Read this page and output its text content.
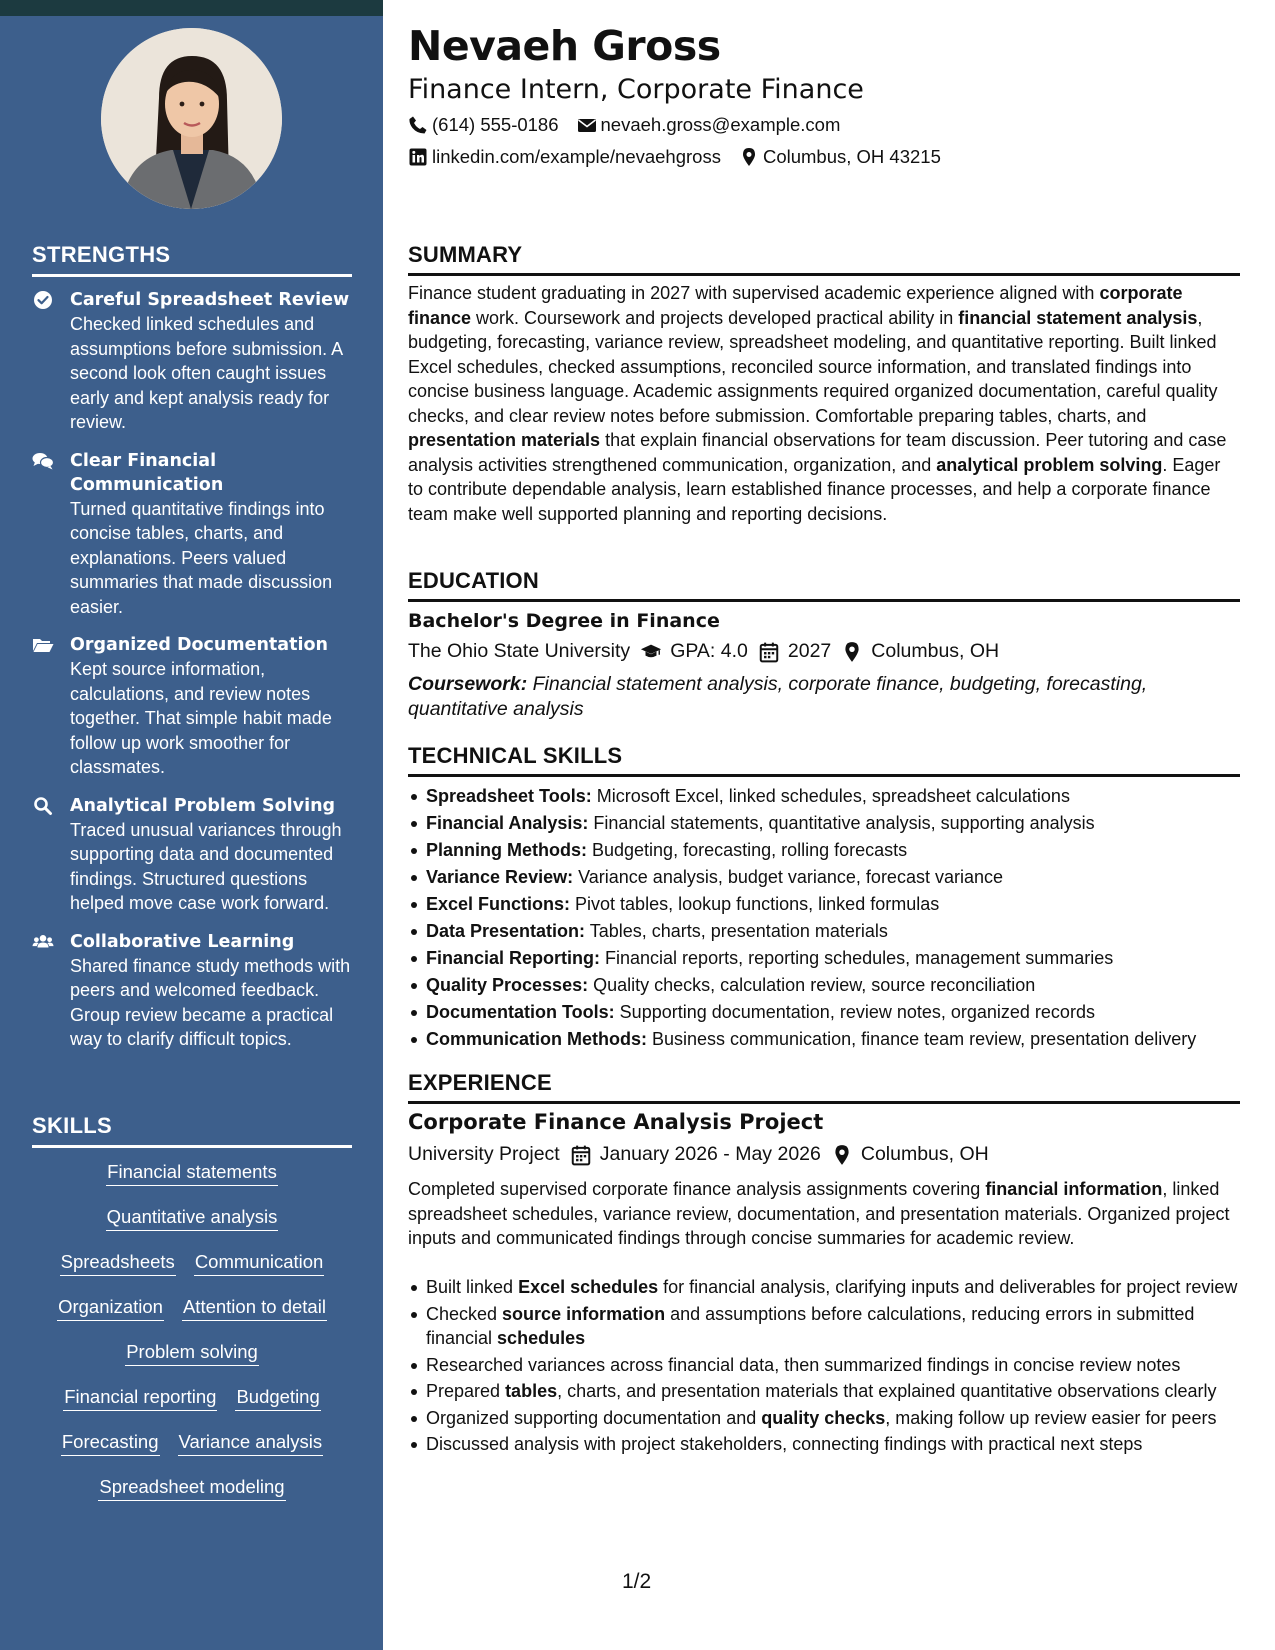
STRENGTHS
Careful Spreadsheet Review
Checked linked schedules and assumptions before submission. A second look often caught issues early and kept analysis ready for review.
Clear Financial Communication
Turned quantitative findings into concise tables, charts, and explanations. Peers valued summaries that made discussion easier.
Organized Documentation
Kept source information, calculations, and review notes together. That simple habit made follow up work smoother for classmates.
Analytical Problem Solving
Traced unusual variances through supporting data and documented findings. Structured questions helped move case work forward.
Collaborative Learning
Shared finance study methods with peers and welcomed feedback. Group review became a practical way to clarify difficult topics.
SKILLS
Financial statements
Quantitative analysis
Spreadsheets Communication
Organization Attention to detail
Problem solving
Financial reporting Budgeting
Forecasting Variance analysis
Spreadsheet modeling
Nevaeh Gross
Finance Intern, Corporate Finance
(614) 555-0186 nevaeh.gross@example.com
linkedin.com/example/nevaehgross Columbus, OH 43215
SUMMARY
Finance student graduating in 2027 with supervised academic experience aligned with corporate finance work. Coursework and projects developed practical ability in financial statement analysis, budgeting, forecasting, variance review, spreadsheet modeling, and quantitative reporting. Built linked Excel schedules, checked assumptions, reconciled source information, and translated findings into concise business language. Academic assignments required organized documentation, careful quality checks, and clear review notes before submission. Comfortable preparing tables, charts, and presentation materials that explain financial observations for team discussion. Peer tutoring and case analysis activities strengthened communication, organization, and analytical problem solving. Eager to contribute dependable analysis, learn established finance processes, and help a corporate finance team make well supported planning and reporting decisions.
EDUCATION
Bachelor's Degree in Finance
The Ohio State University GPA: 4.0 2027 Columbus, OH
Coursework: Financial statement analysis, corporate finance, budgeting, forecasting, quantitative analysis
TECHNICAL SKILLS
Spreadsheet Tools: Microsoft Excel, linked schedules, spreadsheet calculations
Financial Analysis: Financial statements, quantitative analysis, supporting analysis
Planning Methods: Budgeting, forecasting, rolling forecasts
Variance Review: Variance analysis, budget variance, forecast variance
Excel Functions: Pivot tables, lookup functions, linked formulas
Data Presentation: Tables, charts, presentation materials
Financial Reporting: Financial reports, reporting schedules, management summaries
Quality Processes: Quality checks, calculation review, source reconciliation
Documentation Tools: Supporting documentation, review notes, organized records
Communication Methods: Business communication, finance team review, presentation delivery
EXPERIENCE
Corporate Finance Analysis Project
University Project January 2026 - May 2026 Columbus, OH
Completed supervised corporate finance analysis assignments covering financial information, linked spreadsheet schedules, variance review, documentation, and presentation materials. Organized project inputs and communicated findings through concise summaries for academic review.
Built linked Excel schedules for financial analysis, clarifying inputs and deliverables for project review
Checked source information and assumptions before calculations, reducing errors in submitted financial schedules
Researched variances across financial data, then summarized findings in concise review notes
Prepared tables, charts, and presentation materials that explained quantitative observations clearly
Organized supporting documentation and quality checks, making follow up review easier for peers
Discussed analysis with project stakeholders, connecting findings with practical next steps
1/2
